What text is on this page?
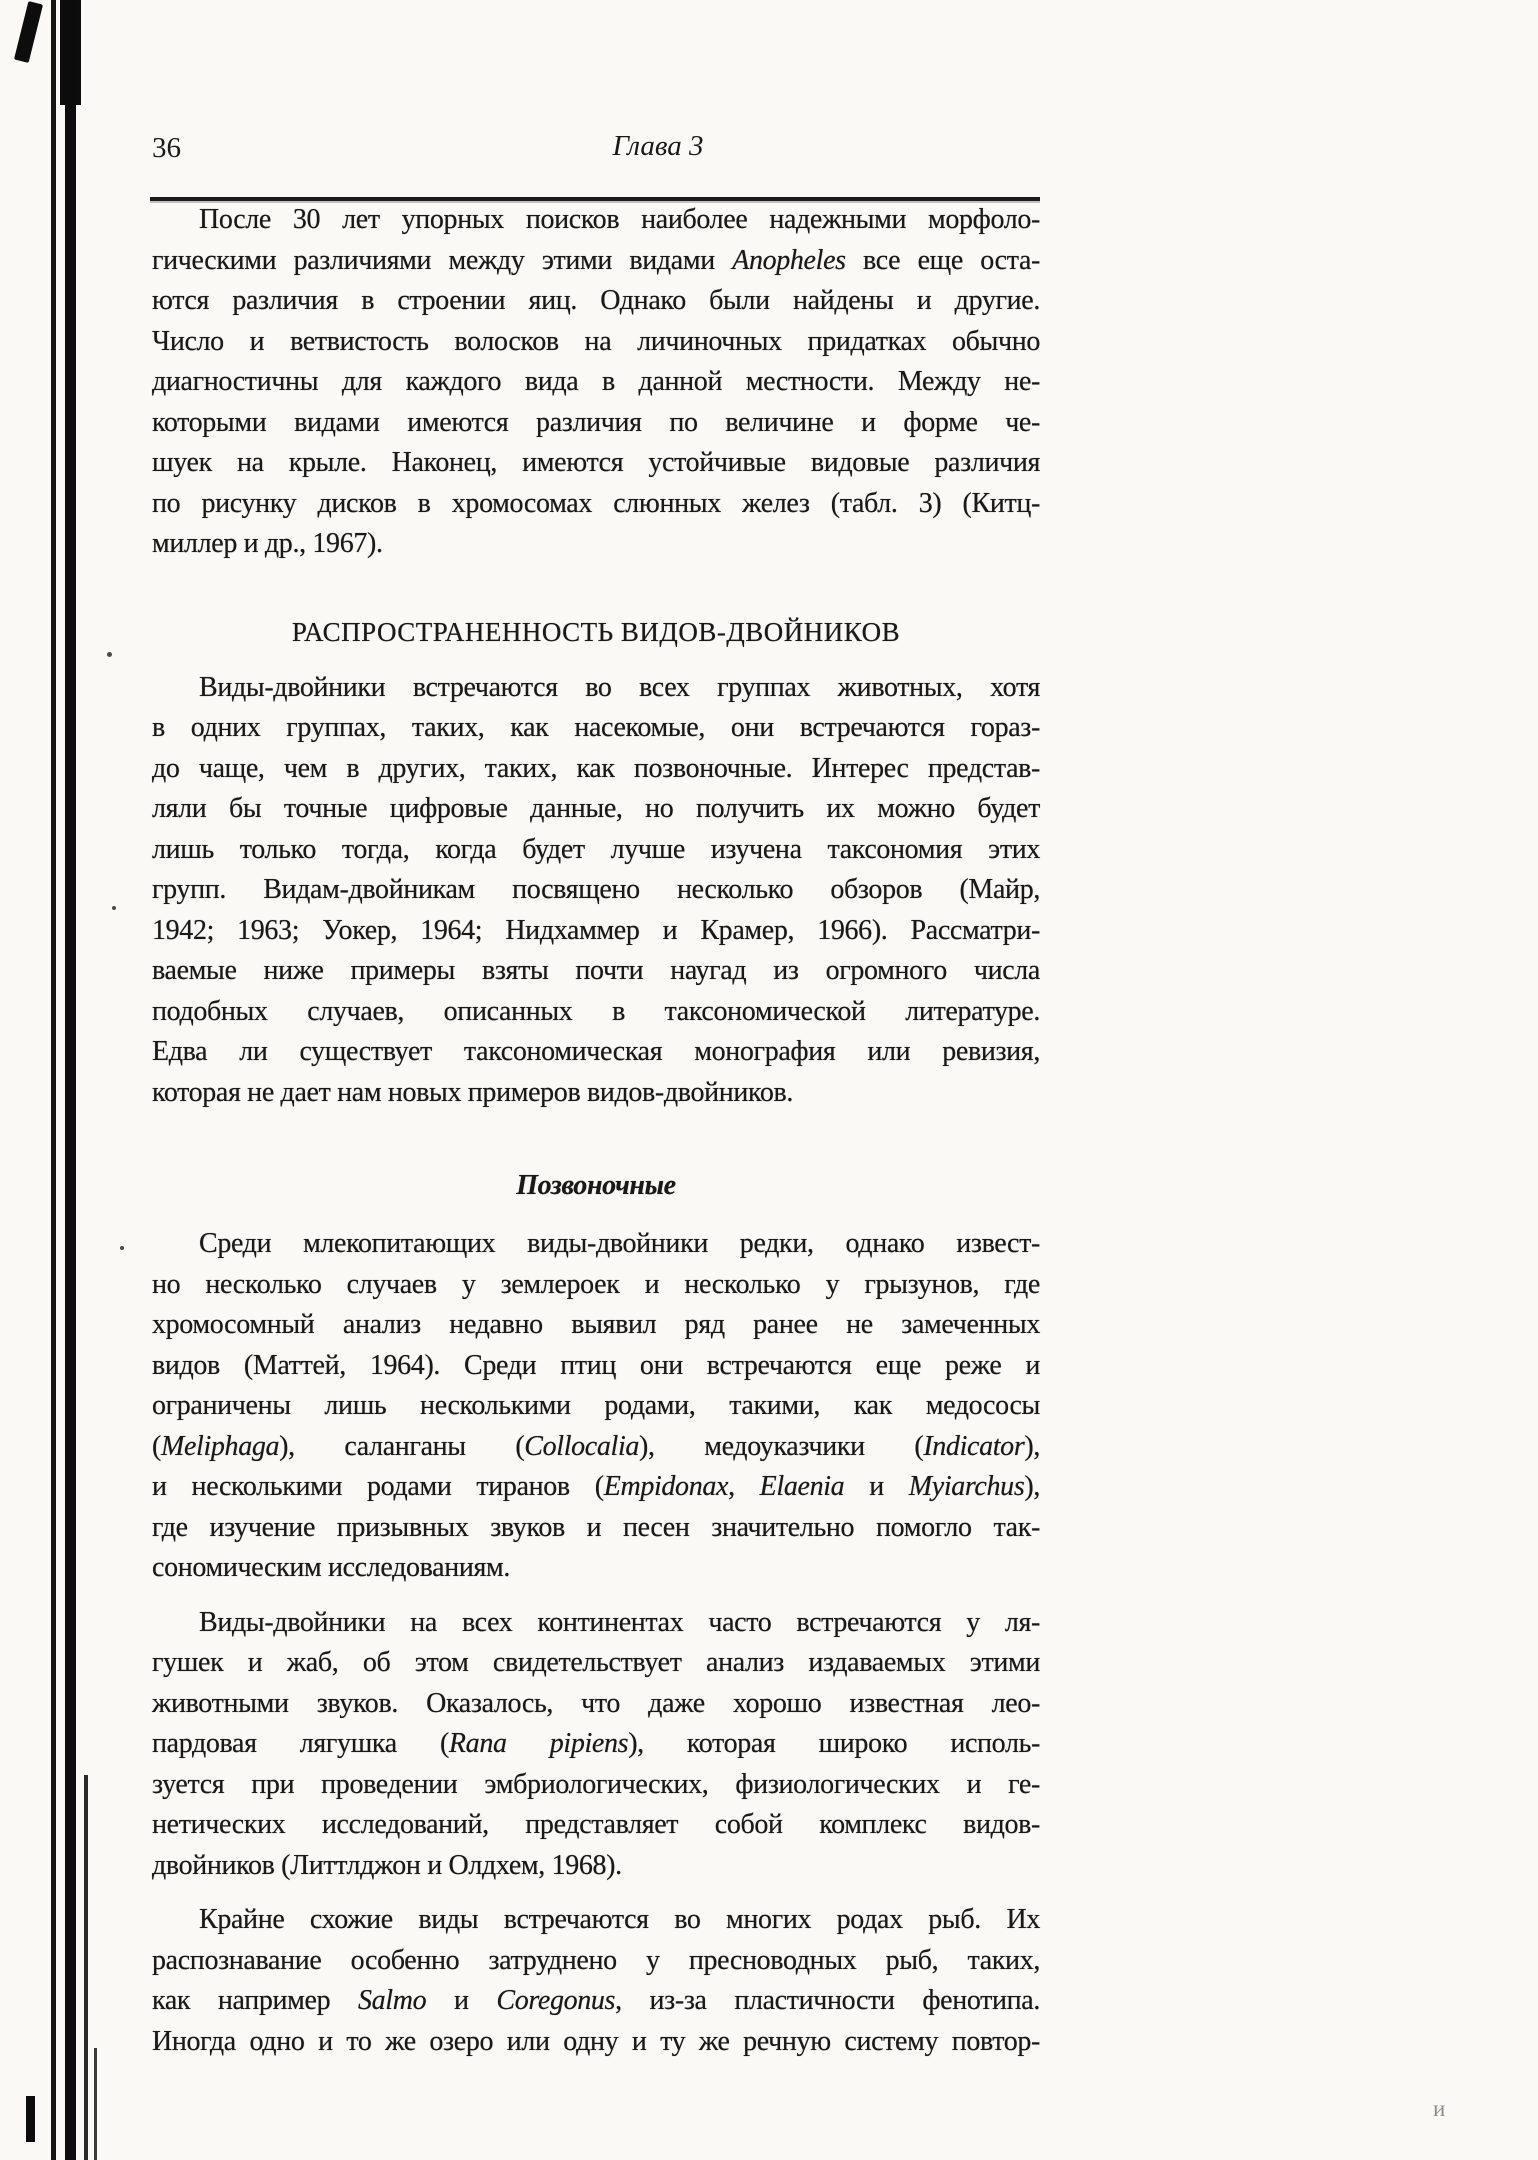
36	Глава 3
После 30 лет упорных поисков наиболее надежными морфоло-
гическими различиями между этими видами Anopheles все еще оста-
ются различия в строении яиц. Однако были найдены и другие.
Число и ветвистость волосков на личиночных придатках обычно
диагностичны для каждого вида в данной местности. Между не-
которыми видами имеются различия по величине и форме че-
шуек на крыле. Наконец, имеются устойчивые видовые различия
по рисунку дисков в хромосомах слюнных желез (табл. 3) (Китц-
миллер и др., 1967).
РАСПРОСТРАНЕННОСТЬ ВИДОВ-ДВОЙНИКОВ
Виды-двойники встречаются во всех группах животных, хотя
в одних группах, таких, как насекомые, они встречаются гораз-
до чаще, чем в других, таких, как позвоночные. Интерес представ-
ляли бы точные цифровые данные, но получить их можно будет
лишь только тогда, когда будет лучше изучена таксономия этих
групп. Видам-двойникам посвящено несколько обзоров (Майр,
1942; 1963; Уокер, 1964; Нидхаммер и Крамер, 1966). Рассматри-
ваемые ниже примеры взяты почти наугад из огромного числа
подобных случаев, описанных в таксономической литературе.
Едва ли существует таксономическая монография или ревизия,
которая не дает нам новых примеров видов-двойников.
Позвоночные
Среди млекопитающих виды-двойники редки, однако извест-
но несколько случаев у землероек и несколько у грызунов, где
хромосомный анализ недавно выявил ряд ранее не замеченных
видов (Маттей, 1964). Среди птиц они встречаются еще реже и
ограничены лишь несколькими родами, такими, как медососы
(Meliphaga), саланганы (Collocalia), медоуказчики (Indicator),
и несколькими родами тиранов (Empidonax, Elaenia и Myiarchus),
где изучение призывных звуков и песен значительно помогло так-
сономическим исследованиям.
Виды-двойники на всех континентах часто встречаются у ля-
гушек и жаб, об этом свидетельствует анализ издаваемых этими
животными звуков. Оказалось, что даже хорошо известная лео-
пардовая лягушка (Rana pipiens), которая широко исполь-
зуется при проведении эмбриологических, физиологических и ге-
нетических исследований, представляет собой комплекс видов-
двойников (Литтлджон и Олдхем, 1968).
Крайне схожие виды встречаются во многих родах рыб. Их
распознавание особенно затруднено у пресноводных рыб, таких,
как например Salmo и Coregonus, из-за пластичности фенотипа.
Иногда одно и то же озеро или одну и ту же речную систему повтор-
и
